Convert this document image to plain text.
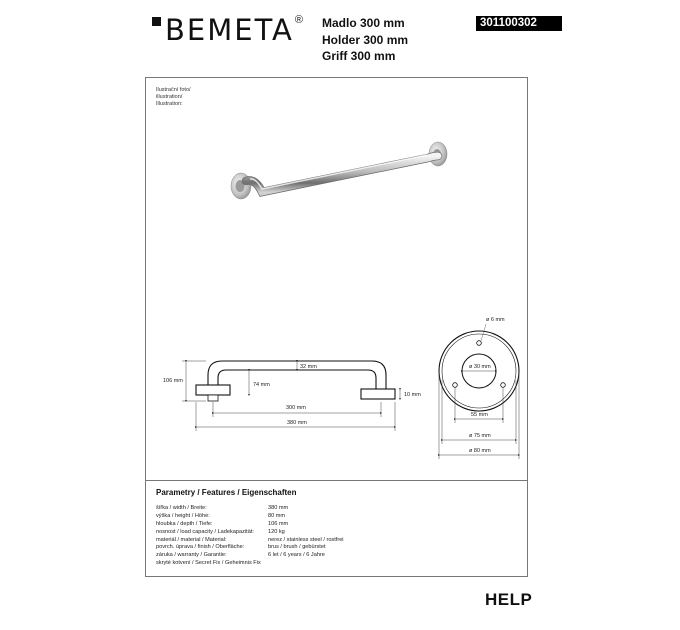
BEMETA ® Madlo 300 mm
Holder 300 mm
Griff 300 mm
301100302
Ilustrační foto/
illustration/
Illustration:
106 mm
32 mm
74 mm
10 mm
300 mm
380 mm
ø 6 mm
ø 30 mm
55 mm
ø 75 mm
ø 80 mm
Parametry / Features / Eigenschaften
šířka / width / Breite:	380 mm
výška / height / Höhe:	80 mm
hloubka / depth / Tiefe:	106 mm
nosnost / load capacity / Ladekapazität:	120 kg
materiál / material / Material:	nerez / stainless steel / rostfrei
povrch. úprava / finish / Oberfläche:	brus / brush / gebürstet
záruka / warranty / Garantie:	6 let / 6 years / 6 Jahre
skryté kotvení / Secret Fix / Geheimnis Fix
HELP
